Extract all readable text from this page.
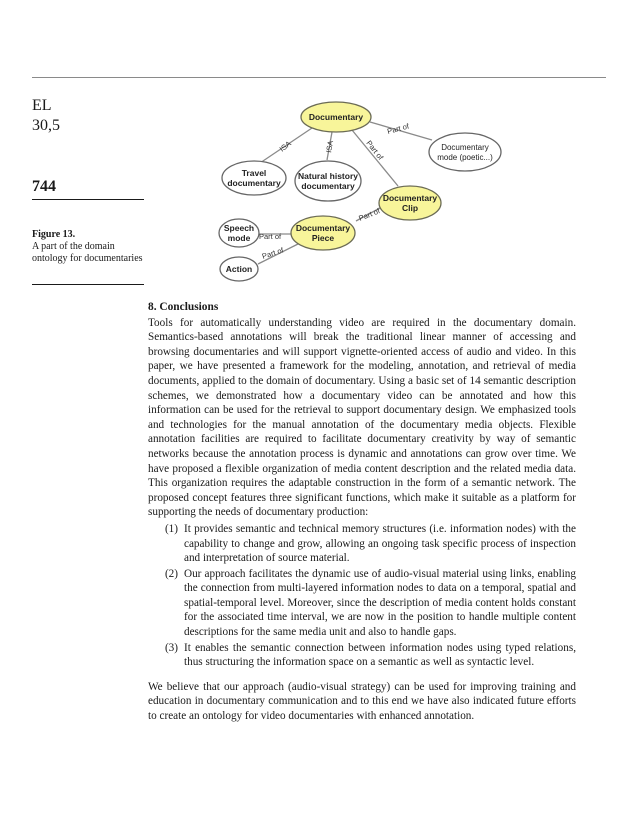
EL
30,5
744
Figure 13.
A part of the domain ontology for documentaries
ISA	ISA
Part of
Part of
Part of
Part of
Part of
Documentary
Travel
documentary
Natural history
documentary
Documentary
mode (poetic...)
Documentary
Clip
Documentary
Piece
Speech
mode
Action
8. Conclusions

Tools for automatically understanding video are required in the documentary domain. Semantics-based annotations will break the traditional linear manner of accessing and browsing documentaries and will support vignette-oriented access of audio and video. In this paper, we have presented a framework for the modeling, annotation, and retrieval of media documents, applied to the domain of documentary. Using a basic set of 14 semantic description schemes, we demonstrated how a documentary video can be annotated and how this information can be used for the retrieval to support documentary design. We emphasized tools and technologies for the manual annotation of the documentary media objects. Flexible annotation facilities are required to facilitate documentary creativity by way of semantic networks because the annotation process is dynamic and annotations can grow over time. We have proposed a flexible organization of media content description and the related media data. This organization requires the adaptable construction in the form of a semantic network. The proposed concept features three significant functions, which make it suitable as a platform for supporting the needs of documentary production:

(1) It provides semantic and technical memory structures (i.e. information nodes) with the capability to change and grow, allowing an ongoing task specific process of inspection and interpretation of source material.
(2) Our approach facilitates the dynamic use of audio-visual material using links, enabling the connection from multi-layered information nodes to data on a temporal, spatial and spatial-temporal level. Moreover, since the description of media content holds constant for the associated time interval, we are now in the position to handle multiple content descriptions for the same media unit and also to handle gaps.
(3) It enables the semantic connection between information nodes using typed relations, thus structuring the information space on a semantic as well as syntactic level.

We believe that our approach (audio-visual strategy) can be used for improving training and education in documentary communication and to this end we have also indicated future efforts to create an ontology for video documentaries with enhanced annotation.
